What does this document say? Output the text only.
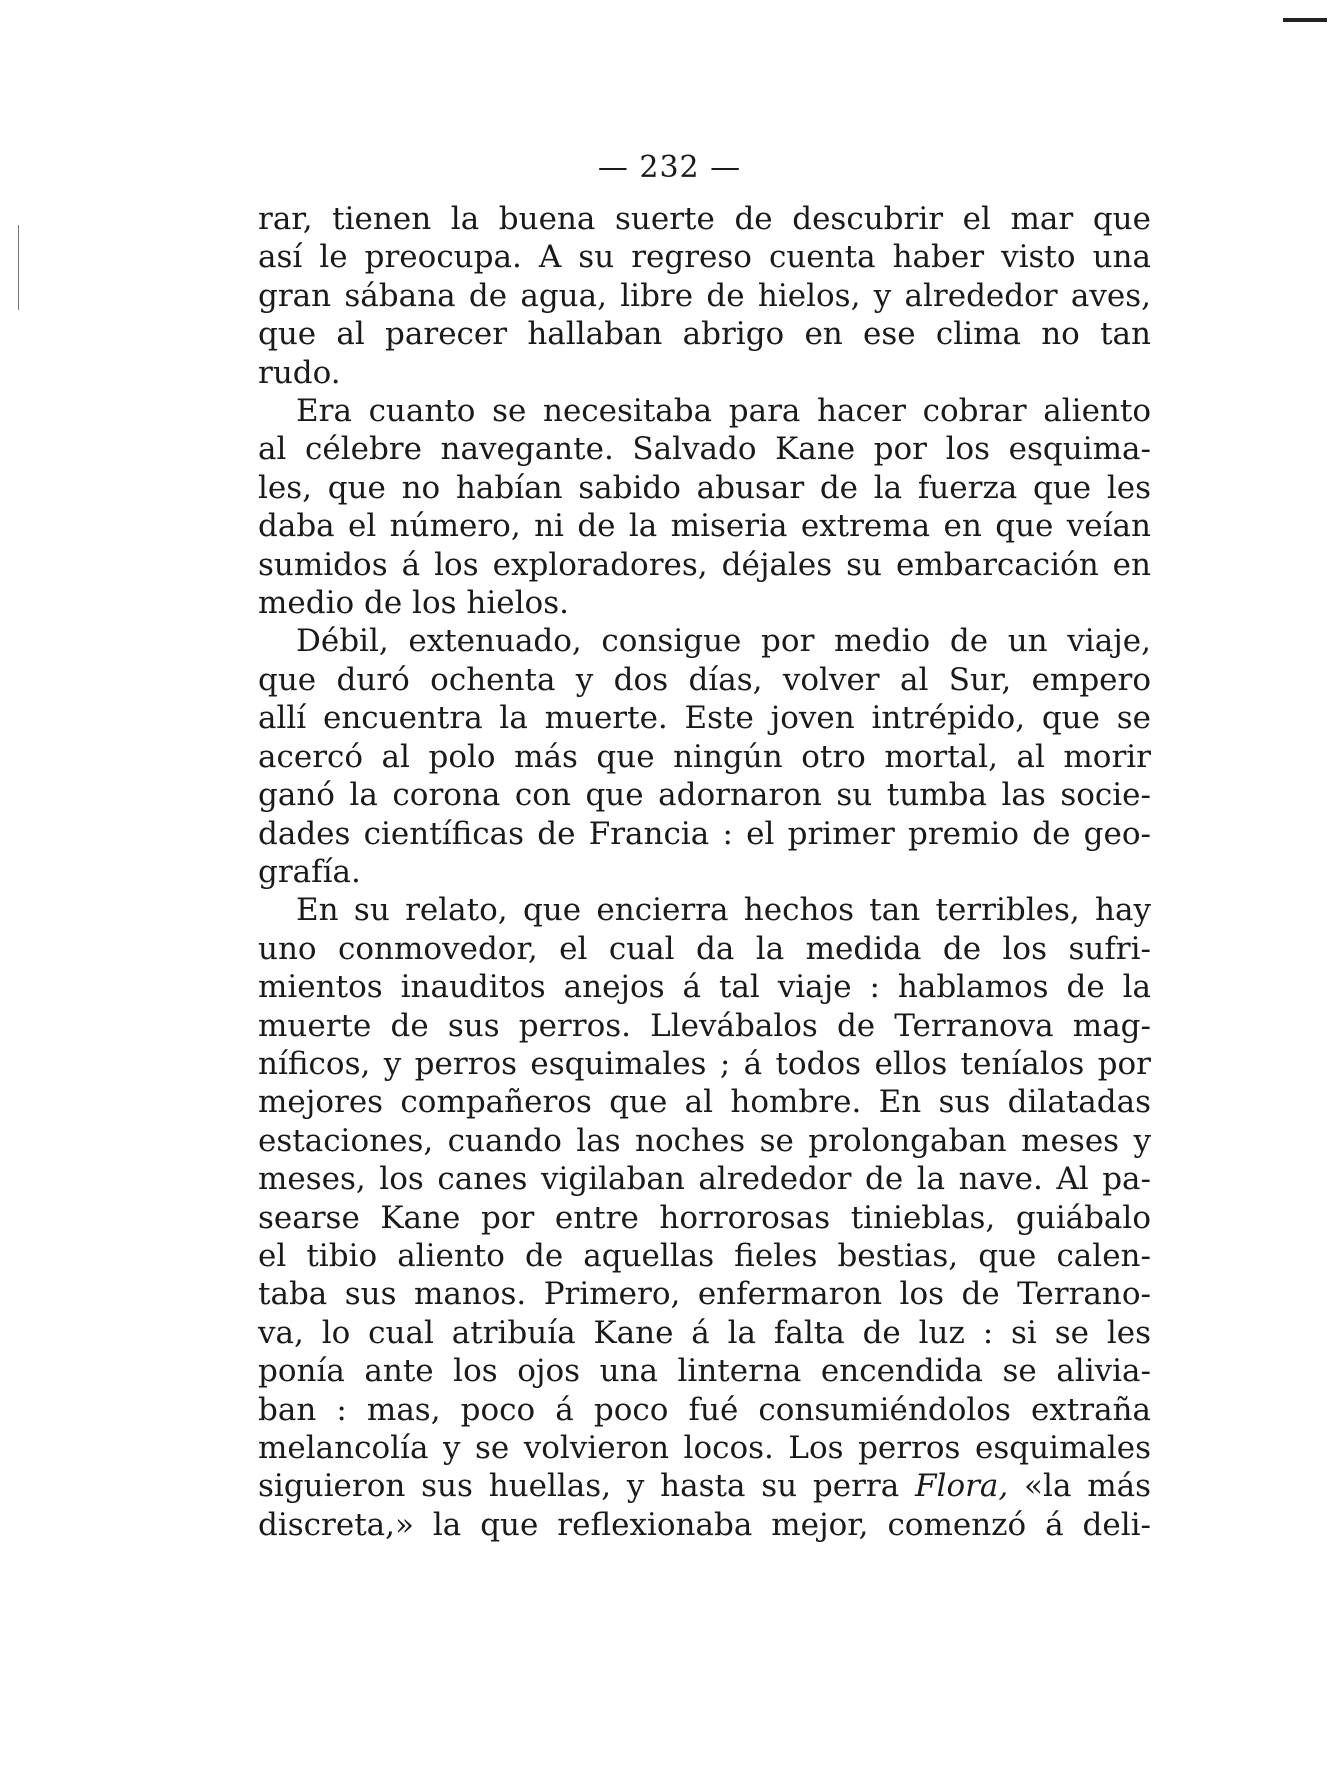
— 232 —
rar, tienen la buena suerte de descubrir el mar que
así le preocupa. A su regreso cuenta haber visto una
gran sábana de agua, libre de hielos, y alrededor aves,
que al parecer hallaban abrigo en ese clima no tan
rudo.
Era cuanto se necesitaba para hacer cobrar aliento
al célebre navegante. Salvado Kane por los esquima-
les, que no habían sabido abusar de la fuerza que les
daba el número, ni de la miseria extrema en que veían
sumidos á los exploradores, déjales su embarcación en
medio de los hielos.
Débil, extenuado, consigue por medio de un viaje,
que duró ochenta y dos días, volver al Sur, empero
allí encuentra la muerte. Este joven intrépido, que se
acercó al polo más que ningún otro mortal, al morir
ganó la corona con que adornaron su tumba las socie-
dades científicas de Francia : el primer premio de geo-
grafía.
En su relato, que encierra hechos tan terribles, hay
uno conmovedor, el cual da la medida de los sufri-
mientos inauditos anejos á tal viaje : hablamos de la
muerte de sus perros. Llevábalos de Terranova mag-
níficos, y perros esquimales ; á todos ellos teníalos por
mejores compañeros que al hombre. En sus dilatadas
estaciones, cuando las noches se prolongaban meses y
meses, los canes vigilaban alrededor de la nave. Al pa-
searse Kane por entre horrorosas tinieblas, guiábalo
el tibio aliento de aquellas fieles bestias, que calen-
taba sus manos. Primero, enfermaron los de Terrano-
va, lo cual atribuía Kane á la falta de luz : si se les
ponía ante los ojos una linterna encendida se alivia-
ban : mas, poco á poco fué consumiéndolos extraña
melancolía y se volvieron locos. Los perros esquimales
siguieron sus huellas, y hasta su perra Flora, «la más
discreta,» la que reflexionaba mejor, comenzó á deli-
